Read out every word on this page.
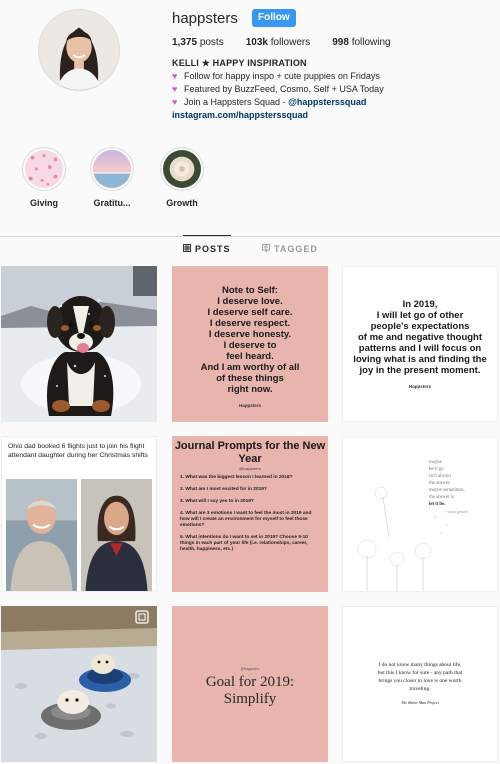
happsters	Follow
1,375 posts 103k followers 998 following
KELLI ★ HAPPY INSPIRATION
♥ Follow for happy inspo + cute puppies on Fridays
♥ Featured by BuzzFeed, Cosmo, Self + USA Today
♥ Join a Happsters Squad - @happsterssquad
instagram.com/happsterssquad
Giving	Gratitu...	Growth
POSTS	TAGGED
Note to Self:
I deserve love.
I deserve self care.
I deserve respect.
I deserve honesty.
I deserve to
feel heard.
And I am worthy of all
of these things
right now.
Happsters
In 2019,
I will let go of other
people's expectations
of me and negative thought
patterns and I will focus on
loving what is and finding the
joy in the present moment.
Happsters
Ohio dad booked 6 flights just to join his flight attendant daughter during her Christmas shifts
Journal Prompts for the New Year
@happsters
1. What was the biggest lesson I learned in 2018?
2. What am I most excited for in 2019?
3. What will I say yes to in 2019?
4. What are 3 emotions I want to feel the most in 2019 and how will I create an environment for myself to feel those emotions?
5. What intentions do I want to set in 2019? Choose 5-10 things in each part of your life (i.e. relationships, career, health, happiness, etc.)
maybe
let it go
isn't always
the answer.
maybe sometimes,
the answer is
let it be.
- mara gerard
@happsters
Goal for 2019:
Simplify
I do not know many things about life,
but this I know for sure - any path that
brings you closer to love is one worth
traveling.
The Better Man Project
